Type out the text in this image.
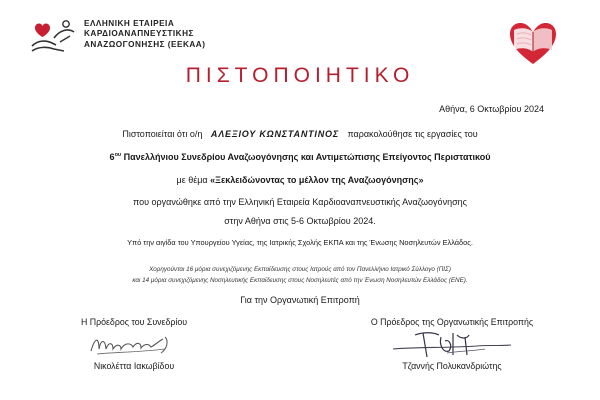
ΕΛΛΗΝΙΚΗ ΕΤΑΙΡΕΙΑ
ΚΑΡΔΙΟΑΝΑΠΝΕΥΣΤΙΚΗΣ
ΑΝΑΖΩΟΓΟΝΗΣΗΣ (ΕΕΚΑΑ)
ΠΙΣΤΟΠΟΙΗΤΙΚΟ
Αθήνα, 6 Οκτωβρίου 2024
Πιστοποιείται ότι ο/η ΑΛΕΞΙΟΥ ΚΩΝΣΤΑΝΤΙΝΟΣ παρακολούθησε τις εργασίες του
$6^{o\upsilon}$ Πανελλήνιου Συνεδρίου Αναζωογόνησης και Αντιμετώπισης Επείγοντος Περιστατικού
με θέμα «Ξεκλειδώνοντας το μέλλον της Αναζωογόνησης»
που οργανώθηκε από την Ελληνική Εταιρεία Καρδιοαναπνευστικής Αναζωογόνησης
στην Αθήνα στις 5-6 Οκτωβρίου 2024.
Υπό την αιγίδα του Υπουργείου Υγείας, της Ιατρικής Σχολής ΕΚΠΑ και της Ένωσης Νοσηλευτών Ελλάδος.
Χορηγούνται 16 μόρια συνεχιζόμενης Εκπαίδευσης στους Ιατρούς από τον Πανελλήνιο Ιατρικό Σύλλογο (ΠΙΣ)
και 14 μόρια συνεχιζόμενης Νοσηλευτικής Εκπαίδευσης στους Νοσηλευτές από την Ένωση Νοσηλευτών Ελλάδος (ΕΝΕ).
Για την Οργανωτική Επιτροπή
Η Πρόεδρος του Συνεδρίου
Νικολέττα Ιακωβίδου
Ο Πρόεδρος της Οργανωτικής Επιτροπής
Τζαννής Πολυκανδριώτης
